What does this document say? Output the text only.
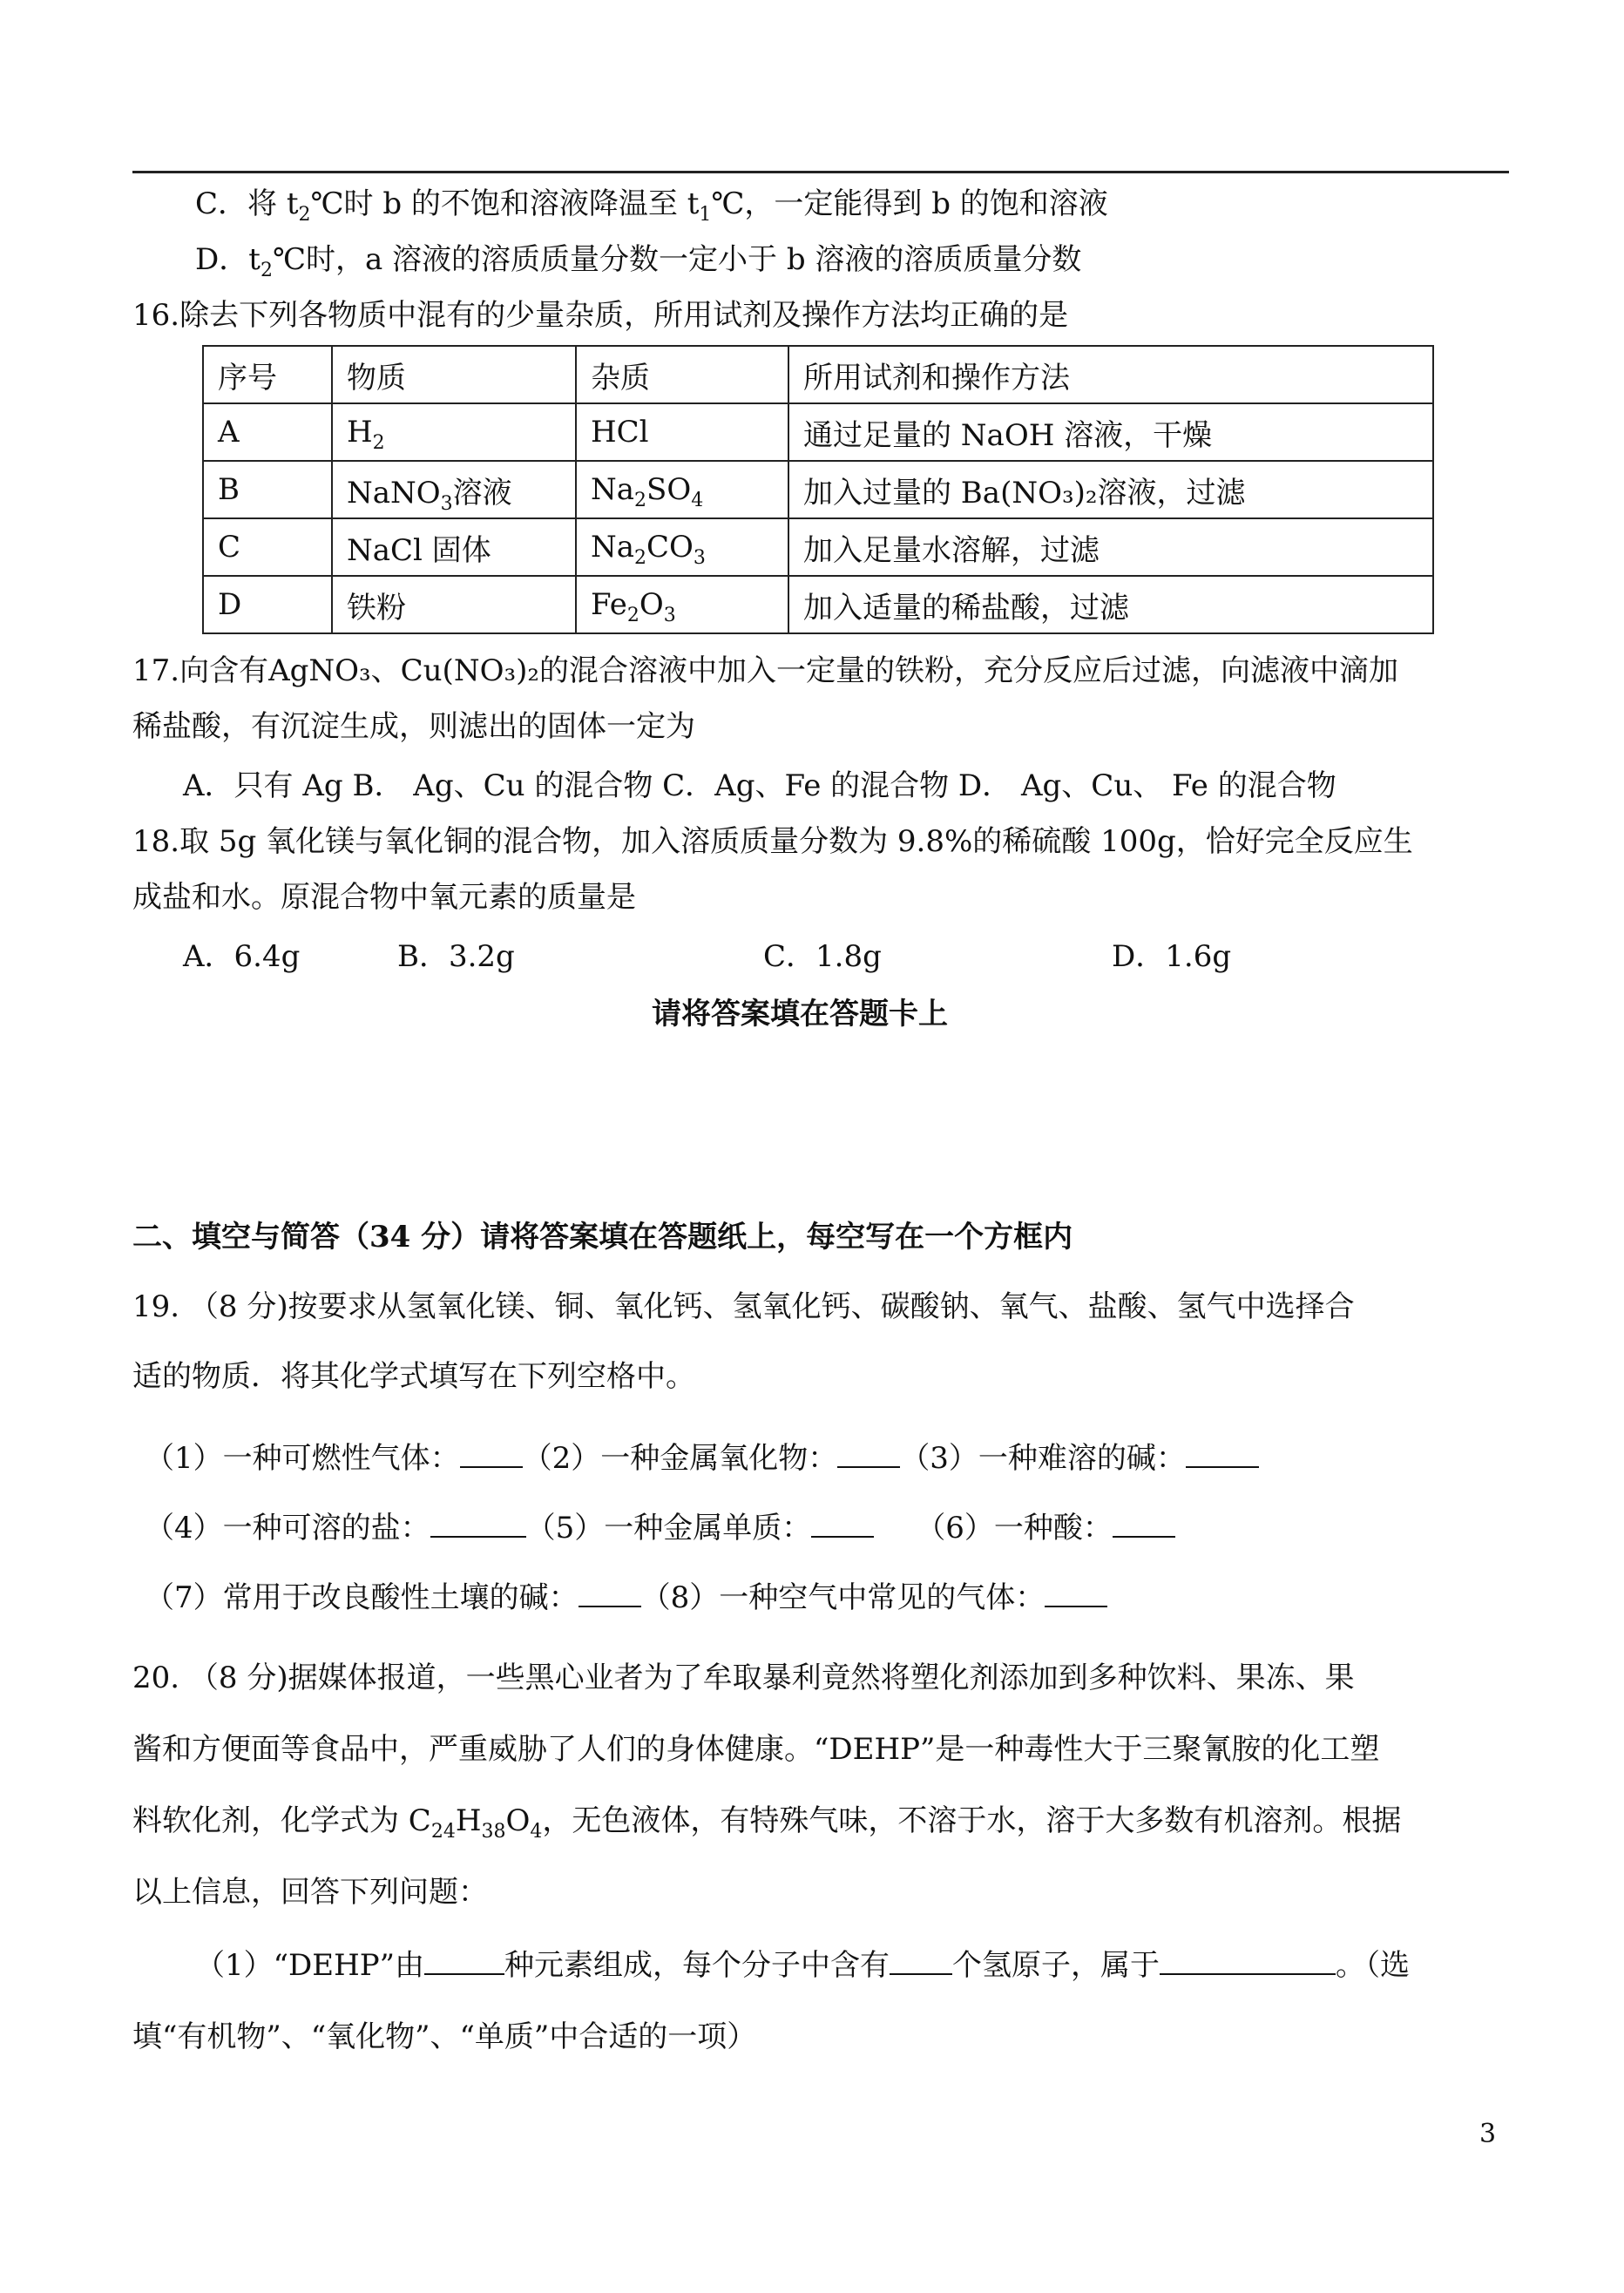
C．将 $t_2℃$时 b 的不饱和溶液降温至 $t_1℃$，一定能得到 b 的饱和溶液
D．$t_2℃$时，a 溶液的溶质质量分数一定小于 b 溶液的溶质质量分数
16.除去下列各物质中混有的少量杂质，所用试剂及操作方法均正确的是
序号	物质	杂质	所用试剂和操作方法
A	$H_2$	HCl	通过足量的 NaOH 溶液，干燥
B	NaNO$_3$溶液	$Na_2SO_4$	加入过量的 Ba(NO₃)₂溶液，过滤
C	NaCl 固体	$Na_2CO_3$	加入足量水溶解，过滤
D	铁粉	$Fe_2O_3$	加入适量的稀盐酸，过滤
17.向含有AgNO₃、Cu(NO₃)₂的混合溶液中加入一定量的铁粉，充分反应后过滤，向滤液中滴加
稀盐酸，有沉淀生成，则滤出的固体一定为
A．只有 Ag B． Ag、Cu 的混合物 C．Ag、Fe 的混合物 D． Ag、Cu、 Fe 的混合物
18.取 5g 氧化镁与氧化铜的混合物，加入溶质质量分数为 9.8%的稀硫酸 100g，恰好完全反应生
成盐和水。原混合物中氧元素的质量是
A．6.4g	B．3.2g	C．1.8g	D．1.6g
请将答案填在答题卡上
二、填空与简答（34 分）请将答案填在答题纸上，每空写在一个方框内
19. （8 分)按要求从氢氧化镁、铜、氧化钙、氢氧化钙、碳酸钠、氧气、盐酸、氢气中选择合
适的物质．将其化学式填写在下列空格中。
（1）一种可燃性气体： （2）一种金属氧化物： （3）一种难溶的碱：
（4）一种可溶的盐：	（5）一种金属单质：	（6）一种酸：
（7）常用于改良酸性土壤的碱： （8）一种空气中常见的气体：
20. （8 分)据媒体报道，一些黑心业者为了牟取暴利竟然将塑化剂添加到多种饮料、果冻、果
酱和方便面等食品中，严重威胁了人们的身体健康。“DEHP”是一种毒性大于三聚氰胺的化工塑
料软化剂，化学式为 $C_{24}H_{38}O_4$，无色液体，有特殊气味，不溶于水，溶于大多数有机溶剂。根据
以上信息，回答下列问题：
（1）“DEHP”由	种元素组成，每个分子中含有 个氢原子，属于	。（选
填“有机物”、“氧化物”、“单质”中合适的一项）
3
